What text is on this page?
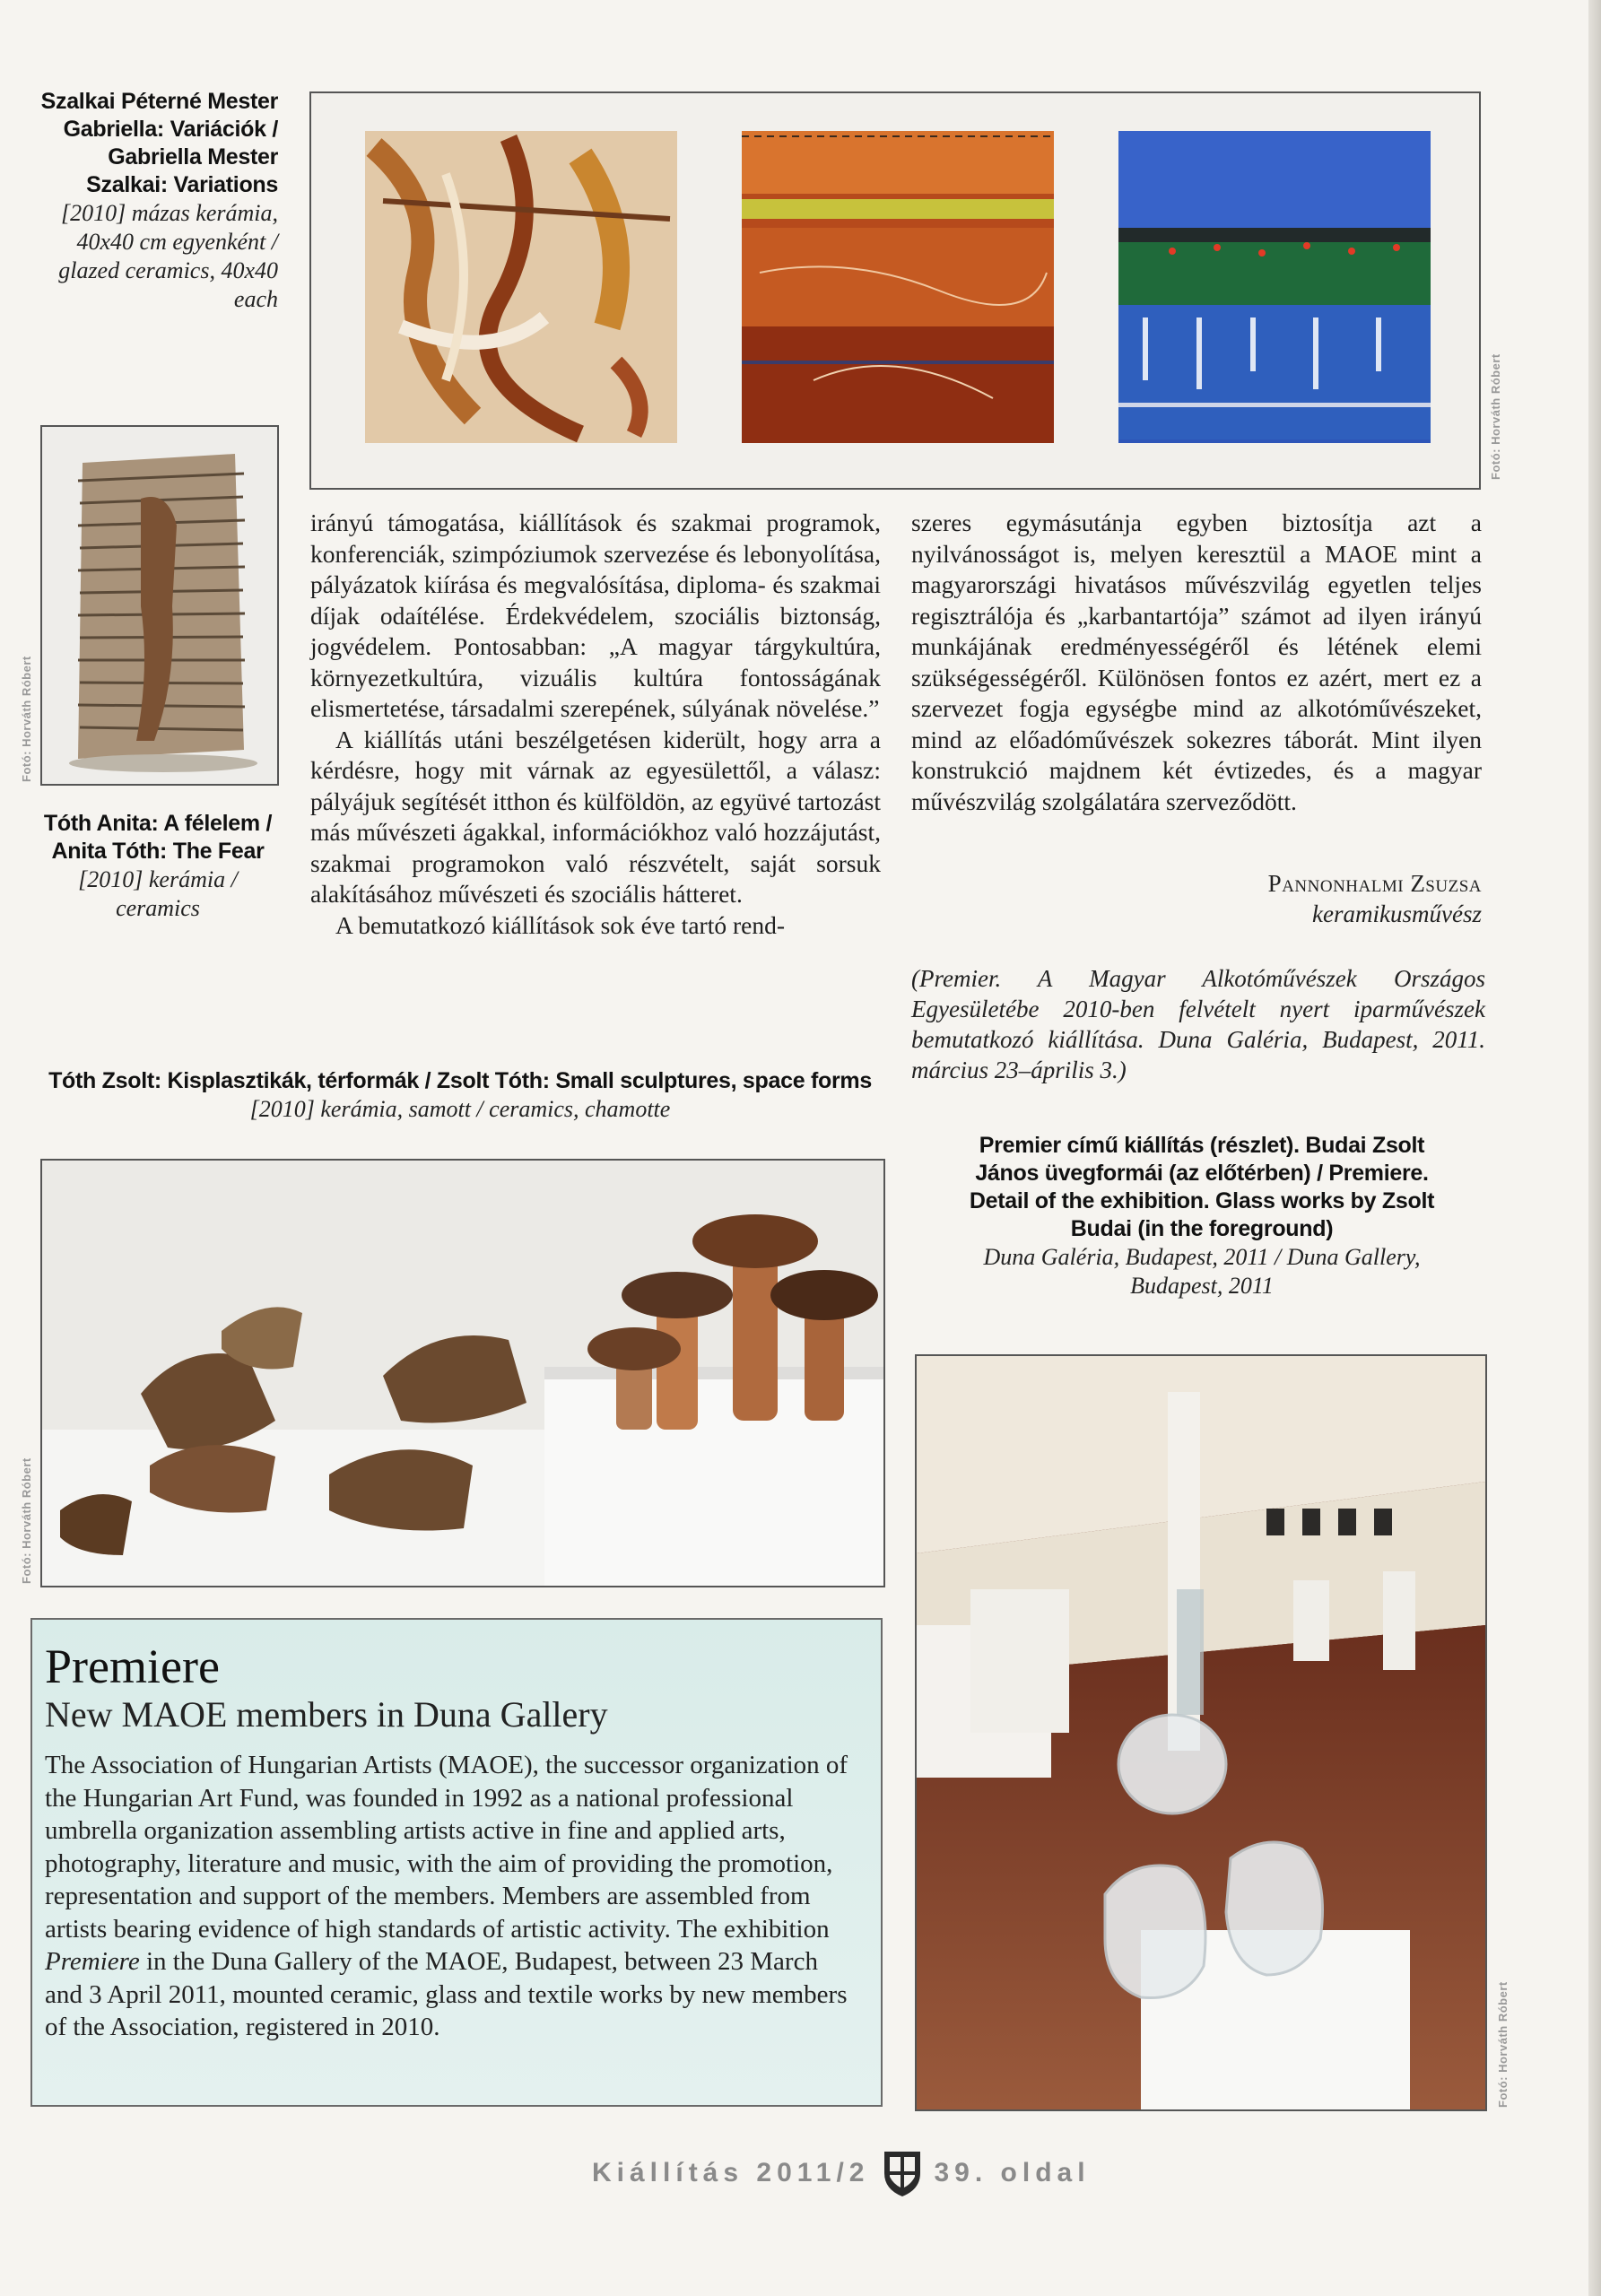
Szalkai Péterné Mester Gabriella: Variációk / Gabriella Mester Szalkai: Variations
[2010] mázas kerámia, 40x40 cm egyenként / glazed ceramics, 40x40 each
Fotó: Horváth Róbert
Fotó: Horváth Róbert
Tóth Anita: A félelem / Anita Tóth: The Fear
[2010] kerámia / ceramics

irányú támogatása, kiállítások és szakmai programok, konferenciák, szimpóziumok szervezése és lebonyolítása, pályázatok kiírása és megvalósítása, diploma- és szakmai díjak odaítélése. Érdekvédelem, szociális biztonság, jogvédelem. Pontosabban: „A magyar tárgykultúra, környezetkultúra, vizuális kultúra fontosságának elismertetése, társadalmi szerepének, súlyának növelése.”

A kiállítás utáni beszélgetésen kiderült, hogy arra a kérdésre, hogy mit várnak az egyesülettől, a válasz: pályájuk segítését itthon és külföldön, az együvé tartozást más művészeti ágakkal, információkhoz való hozzájutást, szakmai programokon való részvételt, saját sorsuk alakításához művészeti és szociális hátteret.

A bemutatkozó kiállítások sok éve tartó rend-

szeres egymásutánja egyben biztosítja azt a nyilvánosságot is, melyen keresztül a MAOE mint a magyarországi hivatásos művészvilág egyetlen teljes regisztrálója és „karbantartója” számot ad ilyen irányú munkájának eredményességéről és létének elemi szükségességéről. Különösen fontos ez azért, mert ez a szervezet fogja egységbe mind az alkotóművészeket, mind az előadóművészek sokezres táborát. Mint ilyen konstrukció majdnem két évtizedes, és a magyar művészvilág szolgálatára szerveződött.

Pannonhalmi Zsuzsa
keramikusművész
(Premier. A Magyar Alkotóművészek Országos Egyesületébe 2010-ben felvételt nyert iparművészek bemutatkozó kiállítása. Duna Galéria, Budapest, 2011. március 23–április 3.)
Tóth Zsolt: Kisplasztikák, térformák / Zsolt Tóth: Small sculptures, space forms
[2010] kerámia, samott / ceramics, chamotte
Fotó: Horváth Róbert
Premier című kiállítás (részlet). Budai Zsolt János üvegformái (az előtérben) / Premiere. Detail of the exhibition. Glass works by Zsolt Budai (in the foreground)
Duna Galéria, Budapest, 2011 / Duna Gallery, Budapest, 2011
Fotó: Horváth Róbert
Premiere
New MAOE members in Duna Gallery

The Association of Hungarian Artists (MAOE), the successor organization of the Hungarian Art Fund, was founded in 1992 as a national professional umbrella organization assembling artists active in fine and applied arts, photography, literature and music, with the aim of providing the promotion, representation and support of the members. Members are assembled from artists bearing evidence of high standards of artistic activity. The exhibition Premiere in the Duna Gallery of the MAOE, Budapest, between 23 March and 3 April 2011, mounted ceramic, glass and textile works by new members of the Association, registered in 2010.

Kiállítás 2011/2 39. oldal
